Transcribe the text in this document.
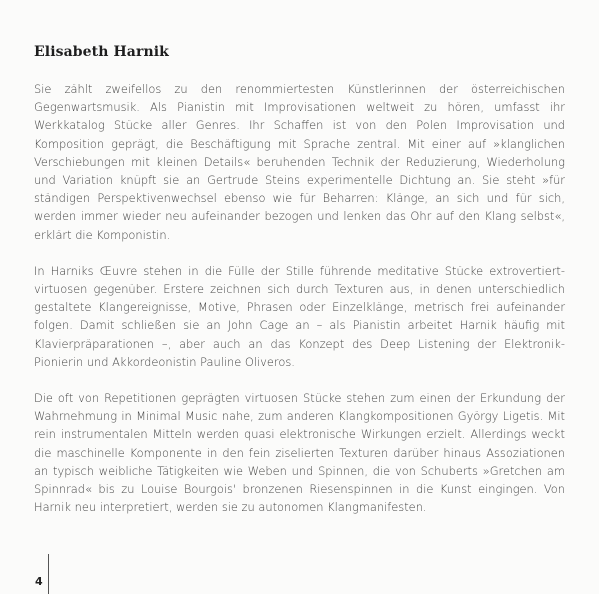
Elisabeth Harnik

Sie zählt zweifellos zu den renommiertesten Künstlerinnen der österreichischen Gegenwartsmusik. Als Pianistin mit Improvisationen weltweit zu hören, umfasst ihr Werkkatalog Stücke aller Genres. Ihr Schaffen ist von den Polen Improvisation und Komposition geprägt, die Beschäftigung mit Sprache zentral. Mit einer auf »klanglichen Verschiebungen mit kleinen Details« beruhenden Technik der Reduzierung, Wiederholung und Variation knüpft sie an Gertrude Steins experimentelle Dichtung an. Sie steht »für ständigen Perspektivenwechsel ebenso wie für Beharren: Klänge, an sich und für sich, werden immer wieder neu aufeinander bezogen und lenken das Ohr auf den Klang selbst«, erklärt die Komponistin.

In Harniks Œuvre stehen in die Fülle der Stille führende meditative Stücke extrovertiert-virtuosen gegenüber. Erstere zeichnen sich durch Texturen aus, in denen unterschiedlich gestaltete Klangereignisse, Motive, Phrasen oder Einzelklänge, metrisch frei aufeinander folgen. Damit schließen sie an John Cage an – als Pianistin arbeitet Harnik häufig mit Klavierpräparationen –, aber auch an das Konzept des Deep Listening der Elektronik-Pionierin und Akkordeonistin Pauline Oliveros.

Die oft von Repetitionen geprägten virtuosen Stücke stehen zum einen der Erkundung der Wahrnehmung in Minimal Music nahe, zum anderen Klangkompositionen György Ligetis. Mit rein instrumentalen Mitteln werden quasi elektronische Wirkungen erzielt. Allerdings weckt die maschinelle Komponente in den fein ziselierten Texturen darüber hinaus Assoziationen an typisch weibliche Tätigkeiten wie Weben und Spinnen, die von Schuberts »Gretchen am Spinnrad« bis zu Louise Bourgois' bronzenen Riesenspinnen in die Kunst eingingen. Von Harnik neu interpretiert, werden sie zu autonomen Klangmanifesten.

4
